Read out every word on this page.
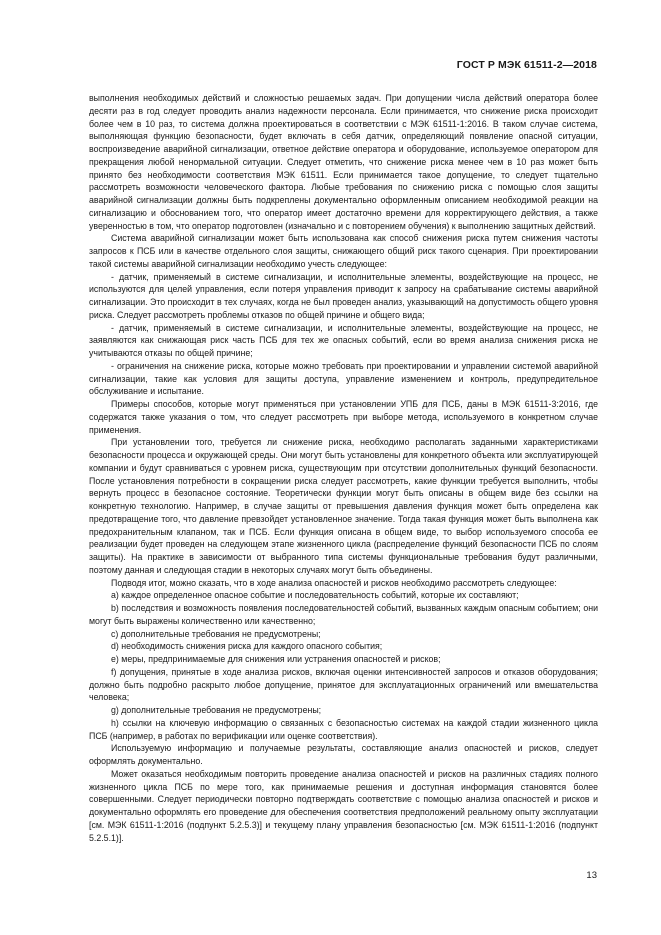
ГОСТ Р МЭК 61511-2—2018

выполнения необходимых действий и сложностью решаемых задач. При допущении числа действий оператора более десяти раз в год следует проводить анализ надежности персонала. Если принимается, что снижение риска происходит более чем в 10 раз, то система должна проектироваться в соответствии с МЭК 61511-1:2016. В таком случае система, выполняющая функцию безопасности, будет включать в себя датчик, определяющий появление опасной ситуации, воспроизведение аварийной сигнализации, ответное действие оператора и оборудование, используемое оператором для прекращения любой ненормальной ситуации. Следует отметить, что снижение риска менее чем в 10 раз может быть принято без необходимости соответствия МЭК 61511. Если принимается такое допущение, то следует тщательно рассмотреть возможности человеческого фактора. Любые требования по снижению риска с помощью слоя защиты аварийной сигнализации должны быть подкреплены документально оформленным описанием необходимой реакции на сигнализацию и обоснованием того, что оператор имеет достаточно времени для корректирующего действия, а также уверенностью в том, что оператор подготовлен (изначально и с повторением обучения) к выполнению защитных действий.

Система аварийной сигнализации может быть использована как способ снижения риска путем снижения частоты запросов к ПСБ или в качестве отдельного слоя защиты, снижающего общий риск такого сценария. При проектировании такой системы аварийной сигнализации необходимо учесть следующее:

- датчик, применяемый в системе сигнализации, и исполнительные элементы, воздействующие на процесс, не используются для целей управления, если потеря управления приводит к запросу на срабатывание системы аварийной сигнализации. Это происходит в тех случаях, когда не был проведен анализ, указывающий на допустимость общего уровня риска. Следует рассмотреть проблемы отказов по общей причине и общего вида;

- датчик, применяемый в системе сигнализации, и исполнительные элементы, воздействующие на процесс, не заявляются как снижающая риск часть ПСБ для тех же опасных событий, если во время анализа снижения риска не учитываются отказы по общей причине;

- ограничения на снижение риска, которые можно требовать при проектировании и управлении системой аварийной сигнализации, такие как условия для защиты доступа, управление изменением и контроль, предупредительное обслуживание и испытание.

Примеры способов, которые могут применяться при установлении УПБ для ПСБ, даны в МЭК 61511-3:2016, где содержатся также указания о том, что следует рассмотреть при выборе метода, используемого в конкретном случае применения.

При установлении того, требуется ли снижение риска, необходимо располагать заданными характеристиками безопасности процесса и окружающей среды. Они могут быть установлены для конкретного объекта или эксплуатирующей компании и будут сравниваться с уровнем риска, существующим при отсутствии дополнительных функций безопасности. После установления потребности в сокращении риска следует рассмотреть, какие функции требуется выполнить, чтобы вернуть процесс в безопасное состояние. Теоретически функции могут быть описаны в общем виде без ссылки на конкретную технологию. Например, в случае защиты от превышения давления функция может быть определена как предотвращение того, что давление превзойдет установленное значение. Тогда такая функция может быть выполнена как предохранительным клапаном, так и ПСБ. Если функция описана в общем виде, то выбор используемого способа ее реализации будет проведен на следующем этапе жизненного цикла (распределение функций безопасности ПСБ по слоям защиты). На практике в зависимости от выбранного типа системы функциональные требования будут различными, поэтому данная и следующая стадии в некоторых случаях могут быть объединены.

Подводя итог, можно сказать, что в ходе анализа опасностей и рисков необходимо рассмотреть следующее:

a) каждое определенное опасное событие и последовательность событий, которые их составляют;

b) последствия и возможность появления последовательностей событий, вызванных каждым опасным событием; они могут быть выражены количественно или качественно;

c) дополнительные требования не предусмотрены;

d) необходимость снижения риска для каждого опасного события;

e) меры, предпринимаемые для снижения или устранения опасностей и рисков;

f) допущения, принятые в ходе анализа рисков, включая оценки интенсивностей запросов и отказов оборудования; должно быть подробно раскрыто любое допущение, принятое для эксплуатационных ограничений или вмешательства человека;

g) дополнительные требования не предусмотрены;

h) ссылки на ключевую информацию о связанных с безопасностью системах на каждой стадии жизненного цикла ПСБ (например, в работах по верификации или оценке соответствия).

Используемую информацию и получаемые результаты, составляющие анализ опасностей и рисков, следует оформлять документально.

Может оказаться необходимым повторить проведение анализа опасностей и рисков на различных стадиях полного жизненного цикла ПСБ по мере того, как принимаемые решения и доступная информация становятся более совершенными. Следует периодически повторно подтверждать соответствие с помощью анализа опасностей и рисков и документально оформлять его проведение для обеспечения соответствия предположений реальному опыту эксплуатации [см. МЭК 61511-1:2016 (подпункт 5.2.5.3)] и текущему плану управления безопасностью [см. МЭК 61511-1:2016 (подпункт 5.2.5.1)].

13
